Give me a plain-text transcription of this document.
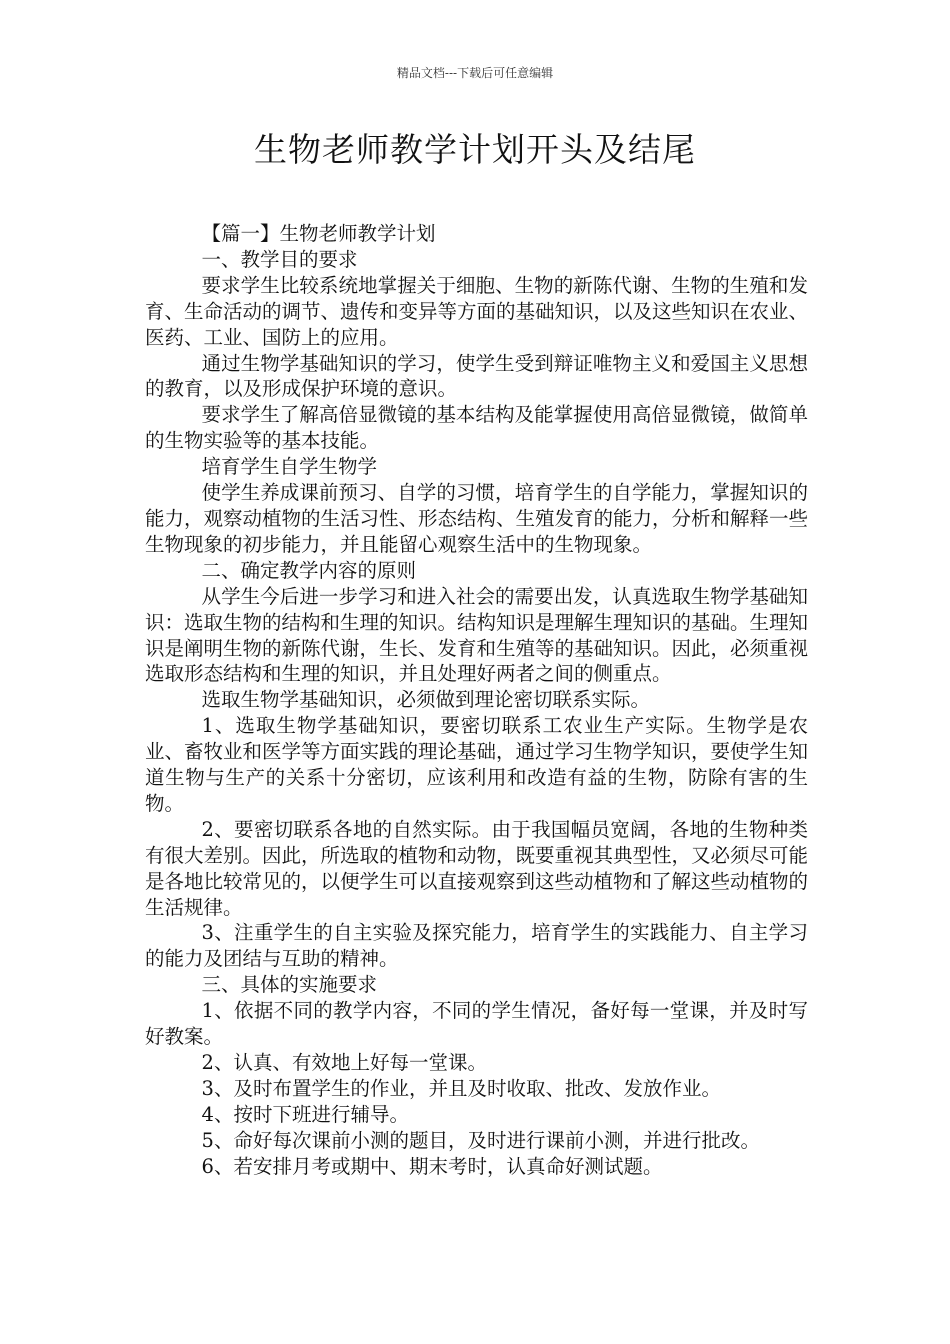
精品文档---下载后可任意编辑
生物老师教学计划开头及结尾

【篇一】生物老师教学计划

一、教学目的要求

要求学生比较系统地掌握关于细胞、生物的新陈代谢、生物的生殖和发育、生命活动的调节、遗传和变异等方面的基础知识，以及这些知识在农业、医药、工业、国防上的应用。

通过生物学基础知识的学习，使学生受到辩证唯物主义和爱国主义思想的教育，以及形成保护环境的意识。

要求学生了解高倍显微镜的基本结构及能掌握使用高倍显微镜，做简单的生物实验等的基本技能。

培育学生自学生物学

使学生养成课前预习、自学的习惯，培育学生的自学能力，掌握知识的能力，观察动植物的生活习性、形态结构、生殖发育的能力，分析和解释一些生物现象的初步能力，并且能留心观察生活中的生物现象。

二、确定教学内容的原则

从学生今后进一步学习和进入社会的需要出发，认真选取生物学基础知识：选取生物的结构和生理的知识。结构知识是理解生理知识的基础。生理知识是阐明生物的新陈代谢，生长、发育和生殖等的基础知识。因此，必须重视选取形态结构和生理的知识，并且处理好两者之间的侧重点。

选取生物学基础知识，必须做到理论密切联系实际。

1、选取生物学基础知识，要密切联系工农业生产实际。生物学是农业、畜牧业和医学等方面实践的理论基础，通过学习生物学知识，要使学生知道生物与生产的关系十分密切，应该利用和改造有益的生物，防除有害的生物。

2、要密切联系各地的自然实际。由于我国幅员宽阔，各地的生物种类有很大差别。因此，所选取的植物和动物，既要重视其典型性，又必须尽可能是各地比较常见的，以便学生可以直接观察到这些动植物和了解这些动植物的生活规律。

3、注重学生的自主实验及探究能力，培育学生的实践能力、自主学习的能力及团结与互助的精神。

三、具体的实施要求

1、依据不同的教学内容，不同的学生情况，备好每一堂课，并及时写好教案。

2、认真、有效地上好每一堂课。

3、及时布置学生的作业，并且及时收取、批改、发放作业。

4、按时下班进行辅导。

5、命好每次课前小测的题目，及时进行课前小测，并进行批改。

6、若安排月考或期中、期末考时，认真命好测试题。
